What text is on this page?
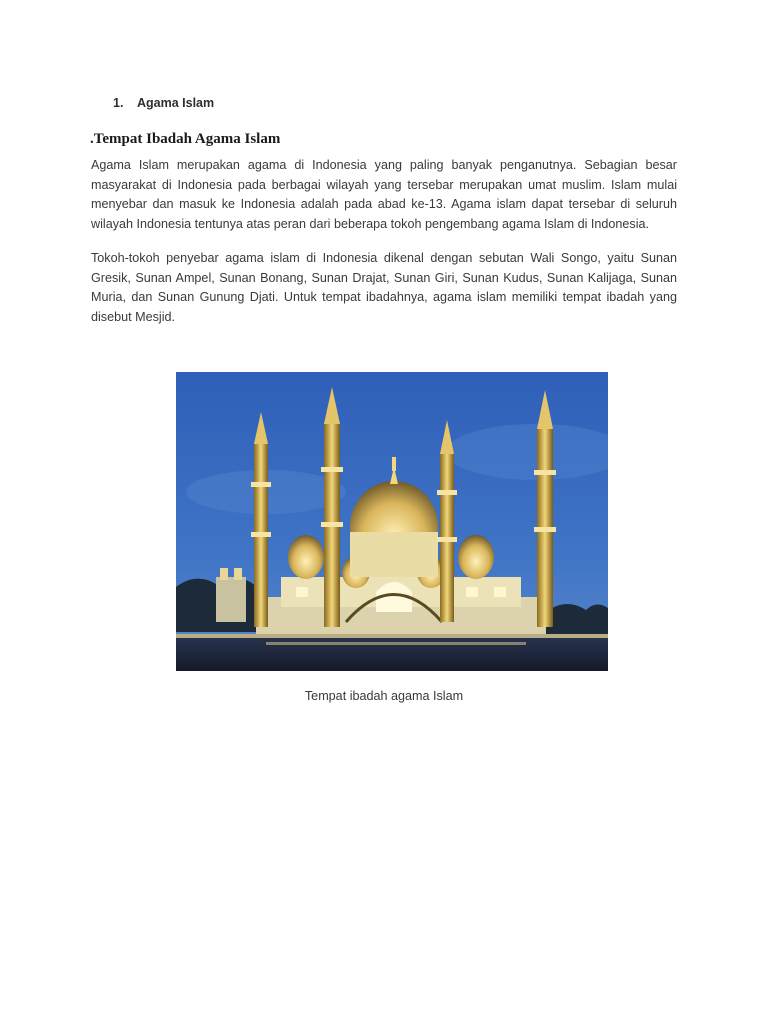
1. Agama Islam
.Tempat Ibadah Agama Islam

Agama Islam merupakan agama di Indonesia yang paling banyak penganutnya. Sebagian besar masyarakat di Indonesia pada berbagai wilayah yang tersebar merupakan umat muslim. Islam mulai menyebar dan masuk ke Indonesia adalah pada abad ke-13. Agama islam dapat tersebar di seluruh wilayah Indonesia tentunya atas peran dari beberapa tokoh pengembang agama Islam di Indonesia.

Tokoh-tokoh penyebar agama islam di Indonesia dikenal dengan sebutan Wali Songo, yaitu Sunan Gresik, Sunan Ampel, Sunan Bonang, Sunan Drajat, Sunan Giri, Sunan Kudus, Sunan Kalijaga, Sunan Muria, dan Sunan Gunung Djati. Untuk tempat ibadahnya, agama islam memiliki tempat ibadah yang disebut Mesjid.

Tempat ibadah agama Islam
